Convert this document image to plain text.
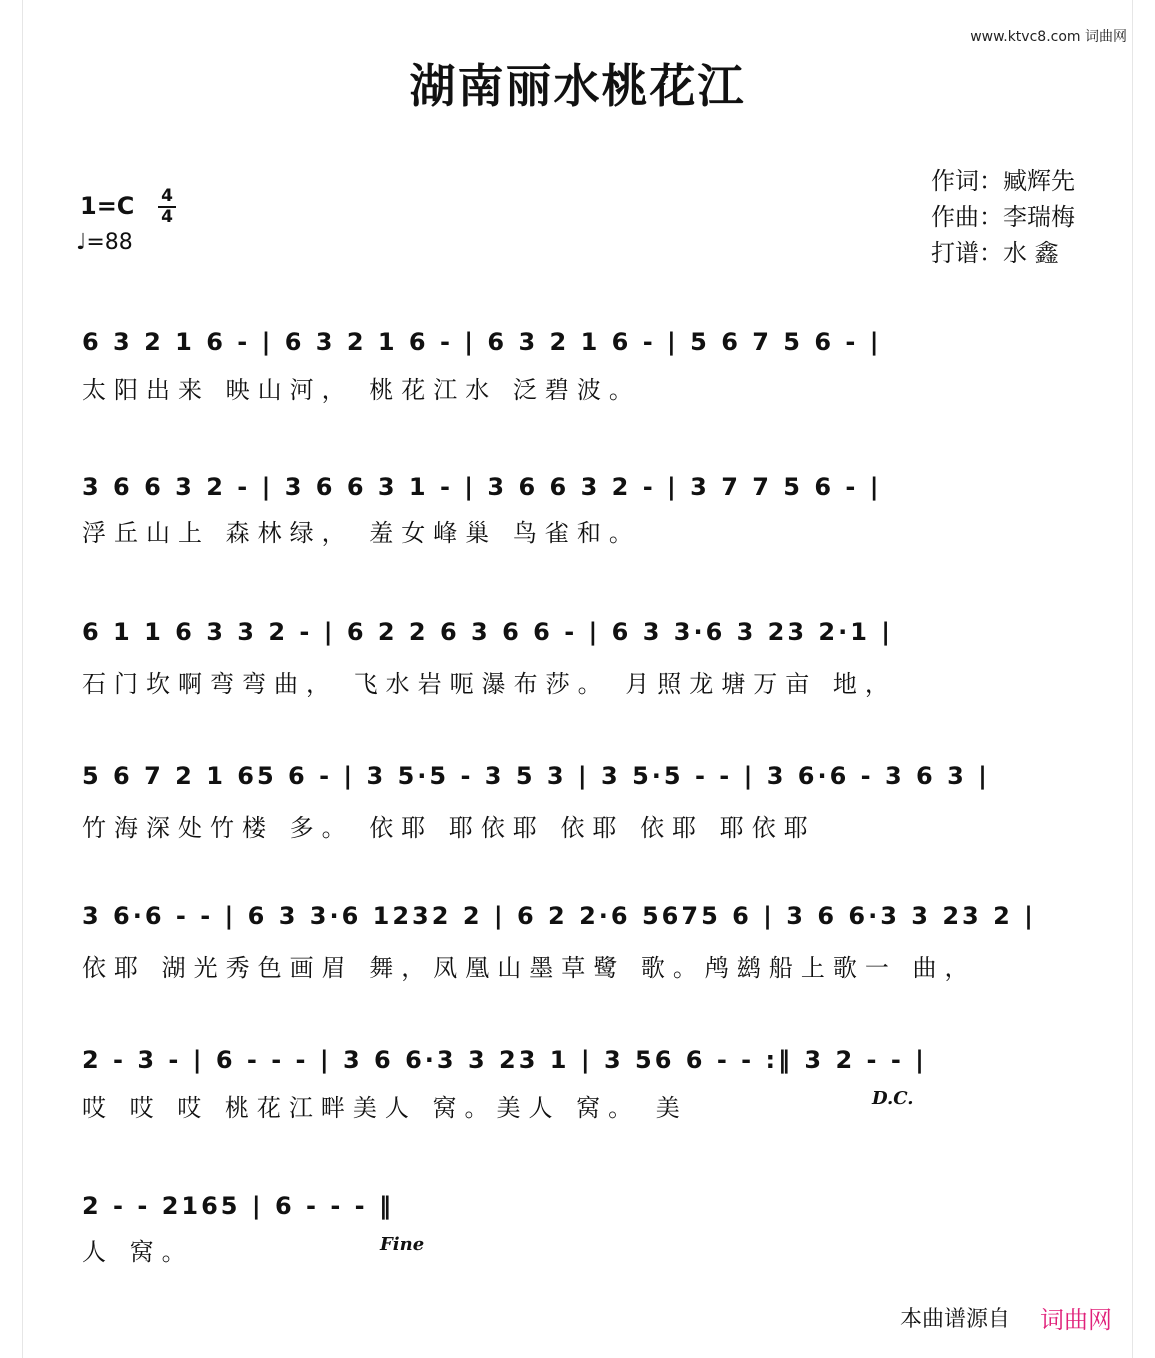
www.ktvc8.com 词曲网
湖南丽水桃花江
1=C 4
4
♩=88
作词：臧辉先
作曲：李瑞梅
打谱：水 鑫
6 3 2 1 6 - | 6 3 2 1 6 - | 6 3 2 1 6 - | 5 6 7 5 6 - |
太阳出来 映山河， 桃花江水 泛碧波。
3 6 6 3 2 - | 3 6 6 3 1 - | 3 6 6 3 2 - | 3 7 7 5 6 - |
浮丘山上 森林绿， 羞女峰巢 鸟雀和。
6 1 1 6 3 3 2 - | 6 2 2 6 3 6 6 - | 6 3 3·6 3 23 2·1 |
石门坎啊弯弯曲， 飞水岩呃瀑布莎。 月照龙塘万亩 地，
5 6 7 2 1 65 6 - | 3 5·5 - 3 5 3 | 3 5·5 - - | 3 6·6 - 3 6 3 |
竹海深处竹楼 多。 依耶 耶依耶 依耶 依耶 耶依耶
3 6·6 - - | 6 3 3·6 1232 2 | 6 2 2·6 5675 6 | 3 6 6·3 3 23 2 |
依耶 湖光秀色画眉 舞，凤凰山墨草鹭 歌。鸬鹚船上歌一 曲，
2 - 3 - | 6 - - - | 3 6 6·3 3 23 1 | 3 56 6 - - :‖ 3 2 - - |
哎 哎 哎 桃花江畔美人 窝。美人 窝。 美
2 - - 2165 | 6 - - - ‖
人 窝。
D.C.
Fine
本曲谱源自 词曲网
